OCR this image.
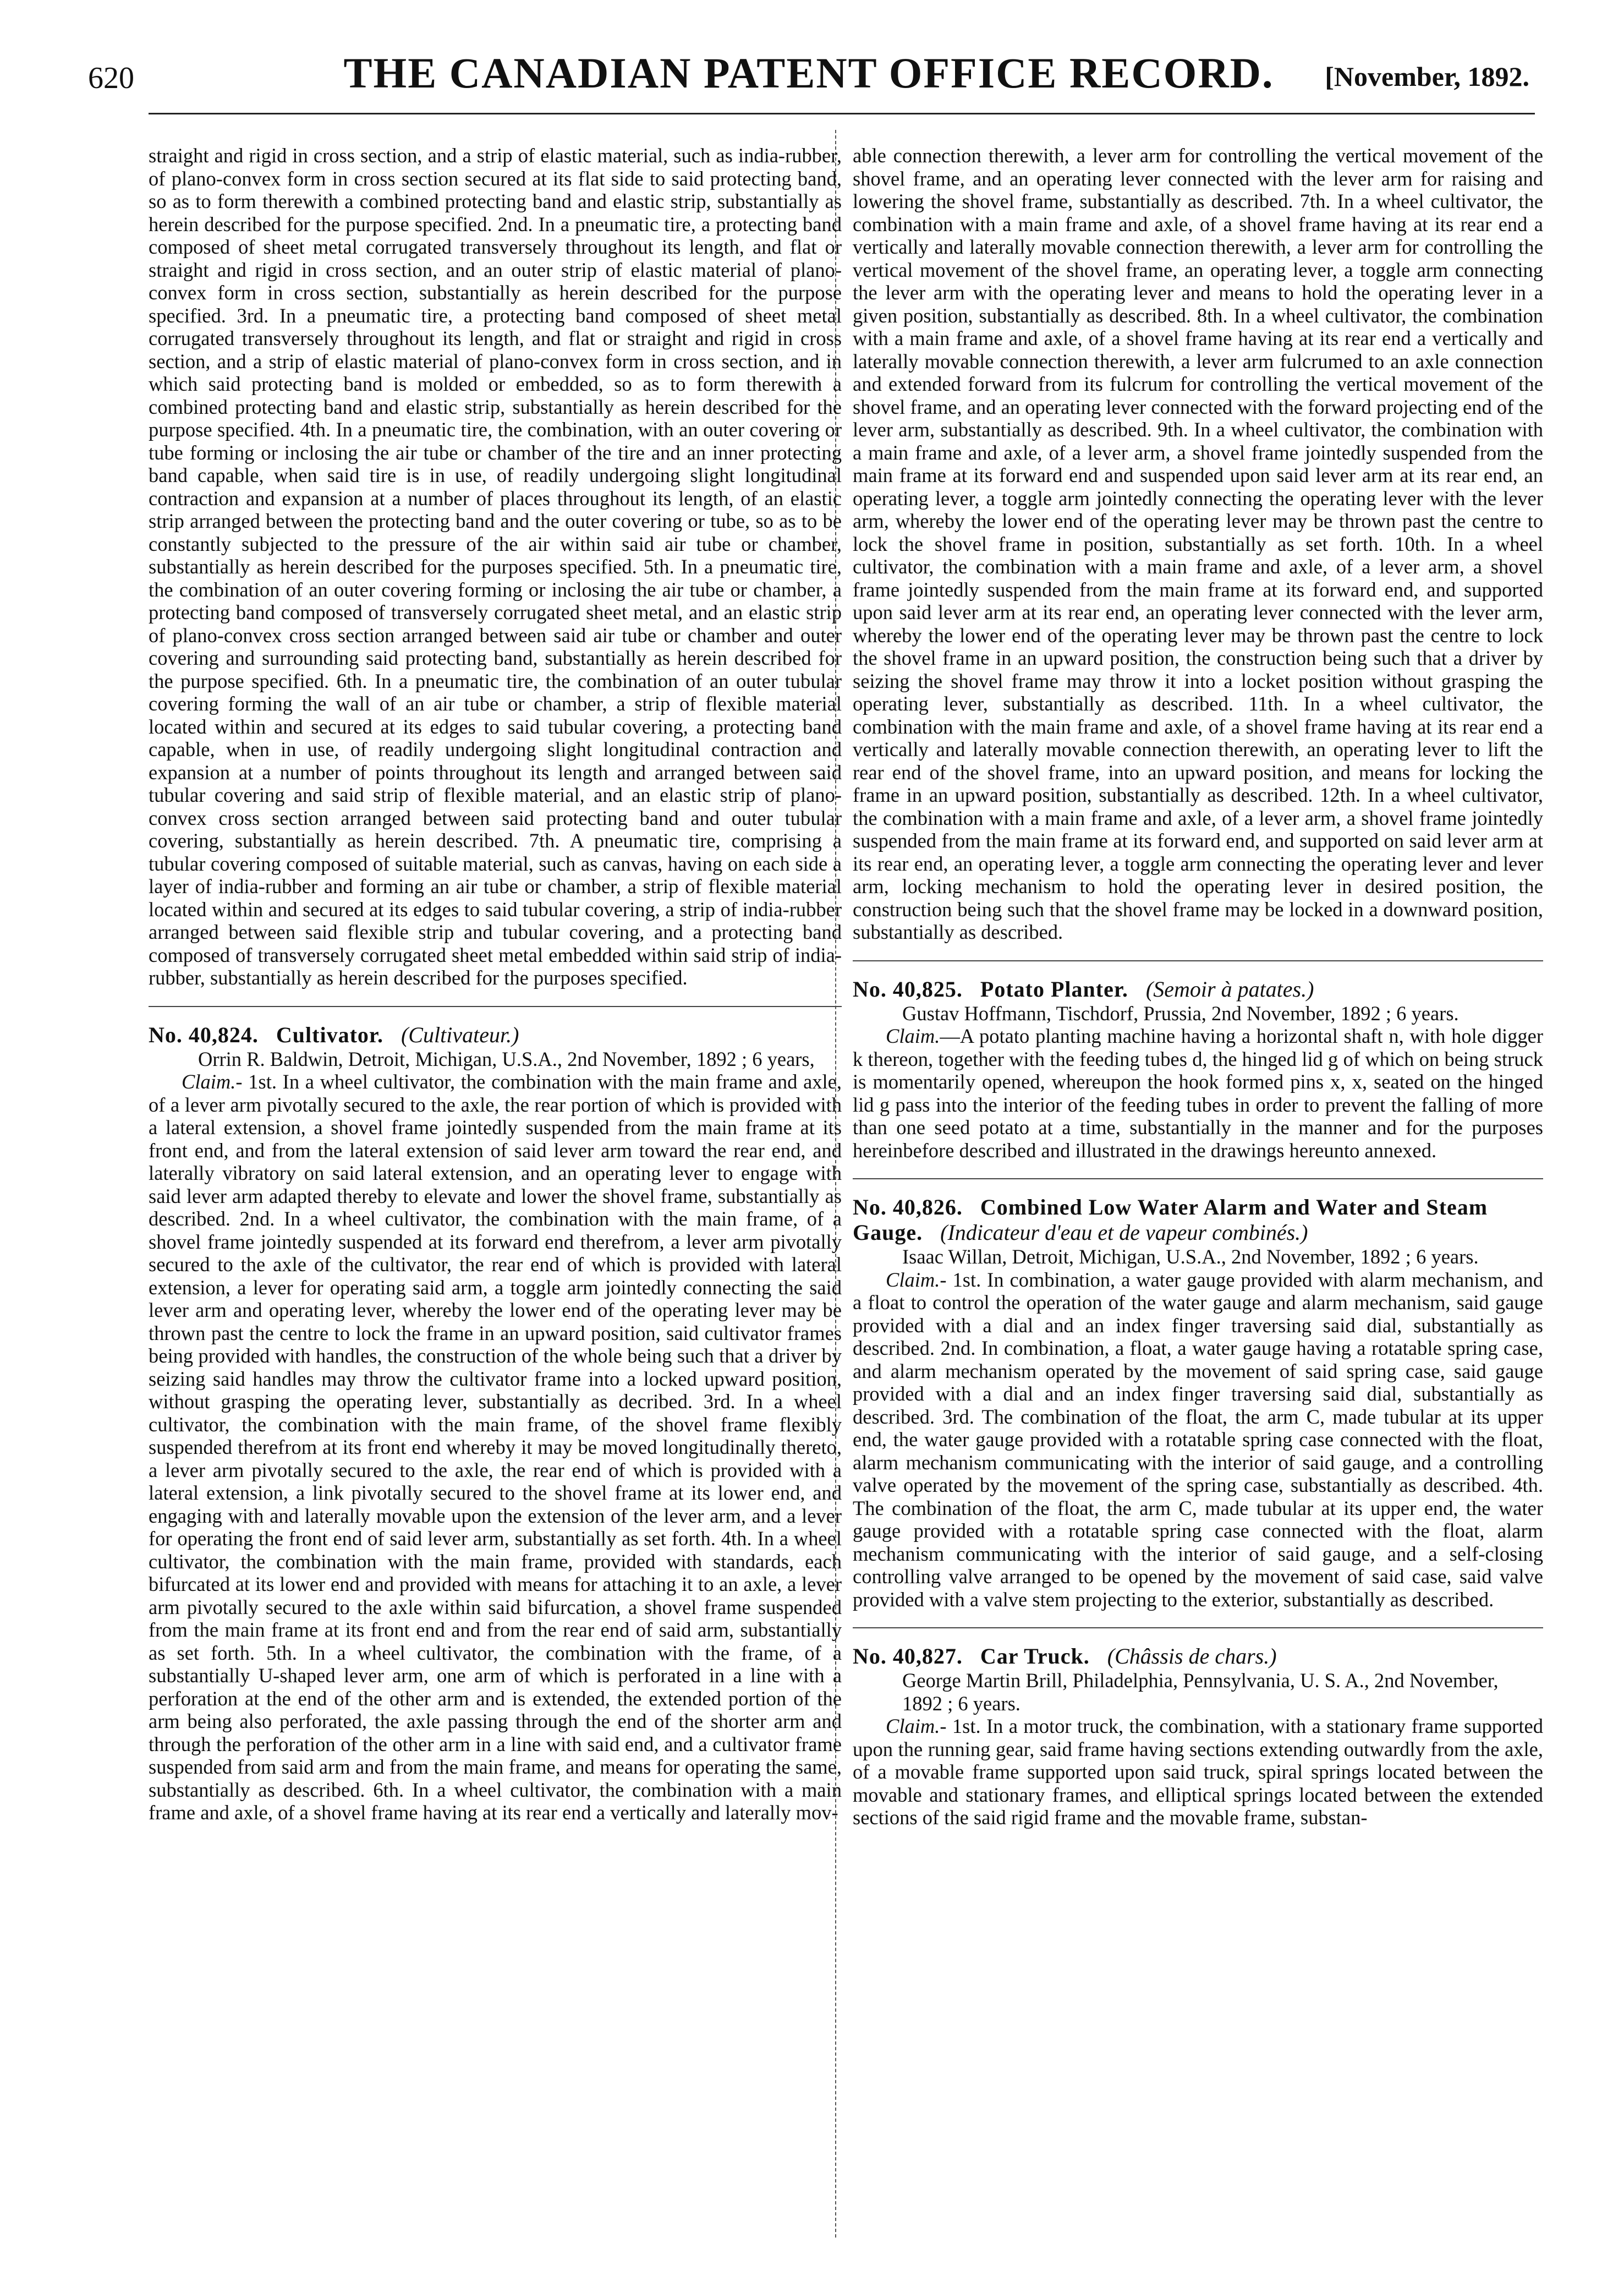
620	THE CANADIAN PATENT OFFICE RECORD.	[November, 1892.

straight and rigid in cross section, and a strip of elastic material, such as india-rubber, of plano-convex form in cross section secured at its flat side to said protecting band, so as to form therewith a combined protecting band and elastic strip, substantially as herein described for the purpose specified. 2nd. In a pneumatic tire, a protecting band composed of sheet metal corrugated transversely throughout its length, and flat or straight and rigid in cross section, and an outer strip of elastic material of plano-convex form in cross section, substantially as herein described for the purpose specified. 3rd. In a pneumatic tire, a protecting band composed of sheet metal corrugated transversely throughout its length, and flat or straight and rigid in cross section, and a strip of elastic material of plano-convex form in cross section, and in which said protecting band is molded or embedded, so as to form therewith a combined protecting band and elastic strip, substantially as herein described for the purpose specified. 4th. In a pneumatic tire, the combination, with an outer covering or tube forming or inclosing the air tube or chamber of the tire and an inner protecting band capable, when said tire is in use, of readily undergoing slight longitudinal contraction and expansion at a number of places throughout its length, of an elastic strip arranged between the protecting band and the outer covering or tube, so as to be constantly subjected to the pressure of the air within said air tube or chamber, substantially as herein described for the purposes specified. 5th. In a pneumatic tire, the combination of an outer covering forming or inclosing the air tube or chamber, a protecting band composed of transversely corrugated sheet metal, and an elastic strip of plano-convex cross section arranged between said air tube or chamber and outer covering and surrounding said protecting band, substantially as herein described for the purpose specified. 6th. In a pneumatic tire, the combination of an outer tubular covering forming the wall of an air tube or chamber, a strip of flexible material located within and secured at its edges to said tubular covering, a protecting band capable, when in use, of readily undergoing slight longitudinal contraction and expansion at a number of points throughout its length and arranged between said tubular covering and said strip of flexible material, and an elastic strip of plano-convex cross section arranged between said protecting band and outer tubular covering, substantially as herein described. 7th. A pneumatic tire, comprising a tubular covering composed of suitable material, such as canvas, having on each side a layer of india-rubber and forming an air tube or chamber, a strip of flexible material located within and secured at its edges to said tubular covering, a strip of india-rubber arranged between said flexible strip and tubular covering, and a protecting band composed of transversely corrugated sheet metal embedded within said strip of india-rubber, substantially as herein described for the purposes specified.

No. 40,824. Cultivator. (Cultivateur.)

Orrin R. Baldwin, Detroit, Michigan, U.S.A., 2nd November, 1892 ; 6 years,

Claim.- 1st. In a wheel cultivator, the combination with the main frame and axle, of a lever arm pivotally secured to the axle, the rear portion of which is provided with a lateral extension, a shovel frame jointedly suspended from the main frame at its front end, and from the lateral extension of said lever arm toward the rear end, and laterally vibratory on said lateral extension, and an operating lever to engage with said lever arm adapted thereby to elevate and lower the shovel frame, substantially as described. 2nd. In a wheel cultivator, the combination with the main frame, of a shovel frame jointedly suspended at its forward end therefrom, a lever arm pivotally secured to the axle of the cultivator, the rear end of which is provided with lateral extension, a lever for operating said arm, a toggle arm jointedly connecting the said lever arm and operating lever, whereby the lower end of the operating lever may be thrown past the centre to lock the frame in an upward position, said cultivator frames being provided with handles, the construction of the whole being such that a driver by seizing said handles may throw the cultivator frame into a locked upward position, without grasping the operating lever, substantially as decribed. 3rd. In a wheel cultivator, the combination with the main frame, of the shovel frame flexibly suspended therefrom at its front end whereby it may be moved longitudinally thereto, a lever arm pivotally secured to the axle, the rear end of which is provided with a lateral extension, a link pivotally secured to the shovel frame at its lower end, and engaging with and laterally movable upon the extension of the lever arm, and a lever for operating the front end of said lever arm, substantially as set forth. 4th. In a wheel cultivator, the combination with the main frame, provided with standards, each bifurcated at its lower end and provided with means for attaching it to an axle, a lever arm pivotally secured to the axle within said bifurcation, a shovel frame suspended from the main frame at its front end and from the rear end of said arm, substantially as set forth. 5th. In a wheel cultivator, the combination with the frame, of a substantially U-shaped lever arm, one arm of which is perforated in a line with a perforation at the end of the other arm and is extended, the extended portion of the arm being also perforated, the axle passing through the end of the shorter arm and through the perforation of the other arm in a line with said end, and a cultivator frame suspended from said arm and from the main frame, and means for operating the same, substantially as described. 6th. In a wheel cultivator, the combination with a main frame and axle, of a shovel frame having at its rear end a vertically and laterally mov-

able connection therewith, a lever arm for controlling the vertical movement of the shovel frame, and an operating lever connected with the lever arm for raising and lowering the shovel frame, substantially as described. 7th. In a wheel cultivator, the combination with a main frame and axle, of a shovel frame having at its rear end a vertically and laterally movable connection therewith, a lever arm for controlling the vertical movement of the shovel frame, an operating lever, a toggle arm connecting the lever arm with the operating lever and means to hold the operating lever in a given position, substantially as described. 8th. In a wheel cultivator, the combination with a main frame and axle, of a shovel frame having at its rear end a vertically and laterally movable connection therewith, a lever arm fulcrumed to an axle connection and extended forward from its fulcrum for controlling the vertical movement of the shovel frame, and an operating lever connected with the forward projecting end of the lever arm, substantially as described. 9th. In a wheel cultivator, the combination with a main frame and axle, of a lever arm, a shovel frame jointedly suspended from the main frame at its forward end and suspended upon said lever arm at its rear end, an operating lever, a toggle arm jointedly connecting the operating lever with the lever arm, whereby the lower end of the operating lever may be thrown past the centre to lock the shovel frame in position, substantially as set forth. 10th. In a wheel cultivator, the combination with a main frame and axle, of a lever arm, a shovel frame jointedly suspended from the main frame at its forward end, and supported upon said lever arm at its rear end, an operating lever connected with the lever arm, whereby the lower end of the operating lever may be thrown past the centre to lock the shovel frame in an upward position, the construction being such that a driver by seizing the shovel frame may throw it into a locket position without grasping the operating lever, substantially as described. 11th. In a wheel cultivator, the combination with the main frame and axle, of a shovel frame having at its rear end a vertically and laterally movable connection therewith, an operating lever to lift the rear end of the shovel frame, into an upward position, and means for locking the frame in an upward position, substantially as described. 12th. In a wheel cultivator, the combination with a main frame and axle, of a lever arm, a shovel frame jointedly suspended from the main frame at its forward end, and supported on said lever arm at its rear end, an operating lever, a toggle arm connecting the operating lever and lever arm, locking mechanism to hold the operating lever in desired position, the construction being such that the shovel frame may be locked in a downward position, substantially as described.

No. 40,825. Potato Planter. (Semoir à patates.)

Gustav Hoffmann, Tischdorf, Prussia, 2nd November, 1892 ; 6 years.

Claim.—A potato planting machine having a horizontal shaft n, with hole digger k thereon, together with the feeding tubes d, the hinged lid g of which on being struck is momentarily opened, whereupon the hook formed pins x, x, seated on the hinged lid g pass into the interior of the feeding tubes in order to prevent the falling of more than one seed potato at a time, substantially in the manner and for the purposes hereinbefore described and illustrated in the drawings hereunto annexed.

No. 40,826. Combined Low Water Alarm and Water and Steam Gauge. (Indicateur d'eau et de vapeur combinés.)

Isaac Willan, Detroit, Michigan, U.S.A., 2nd November, 1892 ; 6 years.

Claim.- 1st. In combination, a water gauge provided with alarm mechanism, and a float to control the operation of the water gauge and alarm mechanism, said gauge provided with a dial and an index finger traversing said dial, substantially as described. 2nd. In combination, a float, a water gauge having a rotatable spring case, and alarm mechanism operated by the movement of said spring case, said gauge provided with a dial and an index finger traversing said dial, substantially as described. 3rd. The combination of the float, the arm C, made tubular at its upper end, the water gauge provided with a rotatable spring case connected with the float, alarm mechanism communicating with the interior of said gauge, and a controlling valve operated by the movement of the spring case, substantially as described. 4th. The combination of the float, the arm C, made tubular at its upper end, the water gauge provided with a rotatable spring case connected with the float, alarm mechanism communicating with the interior of said gauge, and a self-closing controlling valve arranged to be opened by the movement of said case, said valve provided with a valve stem projecting to the exterior, substantially as described.

No. 40,827. Car Truck. (Châssis de chars.)

George Martin Brill, Philadelphia, Pennsylvania, U. S. A., 2nd November, 1892 ; 6 years.

Claim.- 1st. In a motor truck, the combination, with a stationary frame supported upon the running gear, said frame having sections extending outwardly from the axle, of a movable frame supported upon said truck, spiral springs located between the movable and stationary frames, and elliptical springs located between the extended sections of the said rigid frame and the movable frame, substan-
